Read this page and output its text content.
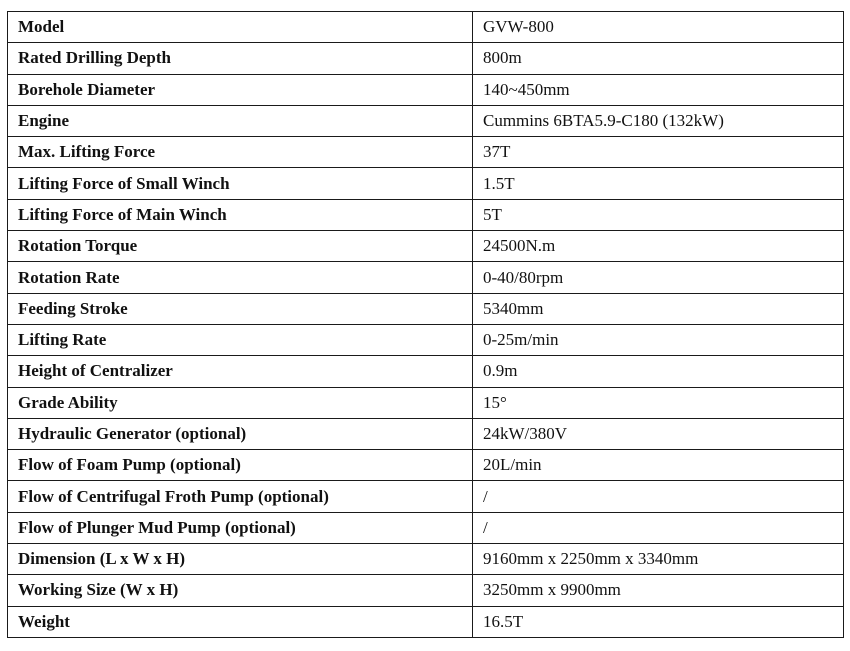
Model	GVW-800
Rated Drilling Depth	800m
Borehole Diameter	140~450mm
Engine	Cummins 6BTA5.9-C180 (132kW)
Max. Lifting Force	37T
Lifting Force of Small Winch	1.5T
Lifting Force of Main Winch	5T
Rotation Torque	24500N.m
Rotation Rate	0-40/80rpm
Feeding Stroke	5340mm
Lifting Rate	0-25m/min
Height of Centralizer	0.9m
Grade Ability	15°
Hydraulic Generator (optional)	24kW/380V
Flow of Foam Pump (optional)	20L/min
Flow of Centrifugal Froth Pump (optional)	/
Flow of Plunger Mud Pump (optional)	/
Dimension (L x W x H)	9160mm x 2250mm x 3340mm
Working Size (W x H)	3250mm x 9900mm
Weight	16.5T
